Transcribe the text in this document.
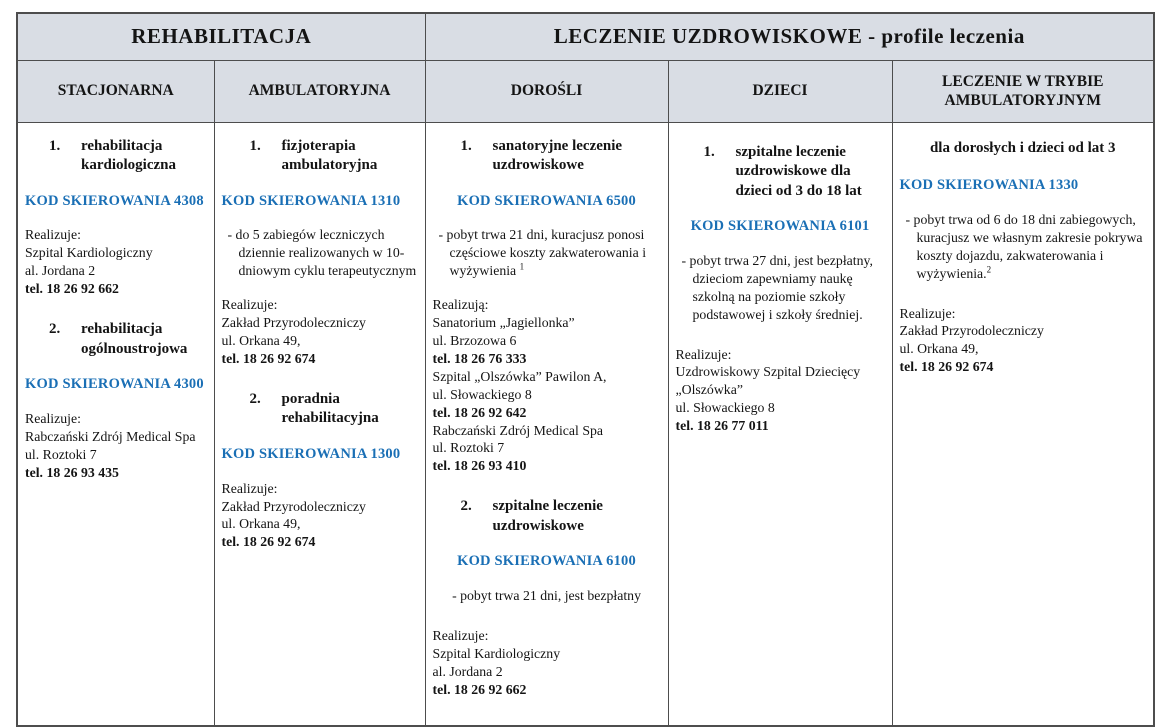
REHABILITACJA		LECZENIE UZDROWISKOWE - profile leczenia		
STACJONARNA	AMBULATORYJNA	DOROŚLI	DZIECI	LECZENIE W TRYBIE AMBULATORYJNYM

1.	rehabilitacja kardiologiczna
KOD SKIEROWANIA 4308
Realizuje:
Szpital Kardiologiczny
al. Jordana 2
tel. 18 26 92 662
2.	rehabilitacja ogólnoustrojowa
KOD SKIEROWANIA 4300
Realizuje:
Rabczański Zdrój Medical Spa
ul. Roztoki 7
tel. 18 26 93 435

1.	fizjoterapia ambulatoryjna
KOD SKIEROWANIA 1310
- do 5 zabiegów leczniczych dziennie realizowanych w 10-dniowym cyklu terapeutycznym
Realizuje:
Zakład Przyrodoleczniczy
ul. Orkana 49,
tel. 18 26 92 674
2.	poradnia rehabilitacyjna
KOD SKIEROWANIA 1300
Realizuje:
Zakład Przyrodoleczniczy
ul. Orkana 49,
tel. 18 26 92 674

1.	sanatoryjne leczenie uzdrowiskowe
KOD SKIEROWANIA 6500
- pobyt trwa 21 dni, kuracjusz ponosi częściowe koszty zakwaterowania i wyżywienia $^1$
Realizują:
Sanatorium „Jagiellonka”
ul. Brzozowa 6
tel. 18 26 76 333
Szpital „Olszówka” Pawilon A,
ul. Słowackiego 8
tel. 18 26 92 642
Rabczański Zdrój Medical Spa
ul. Roztoki 7
tel. 18 26 93 410
2.	szpitalne leczenie uzdrowiskowe
KOD SKIEROWANIA 6100
- pobyt trwa 21 dni, jest bezpłatny
Realizuje:
Szpital Kardiologiczny
al. Jordana 2
tel. 18 26 92 662

1.	szpitalne leczenie uzdrowiskowe dla dzieci od 3 do 18 lat
KOD SKIEROWANIA 6101
- pobyt trwa 27 dni, jest bezpłatny, dzieciom zapewniamy naukę szkolną na poziomie szkoły podstawowej i szkoły średniej.
Realizuje:
Uzdrowiskowy Szpital Dziecięcy „Olszówka”
ul. Słowackiego 8
tel. 18 26 77 011

dla dorosłych i dzieci od lat 3
KOD SKIEROWANIA 1330
- pobyt trwa od 6 do 18 dni zabiegowych, kuracjusz we własnym zakresie pokrywa koszty dojazdu, zakwaterowania i wyżywienia.$^2$
Realizuje:
Zakład Przyrodoleczniczy
ul. Orkana 49,
tel. 18 26 92 674
